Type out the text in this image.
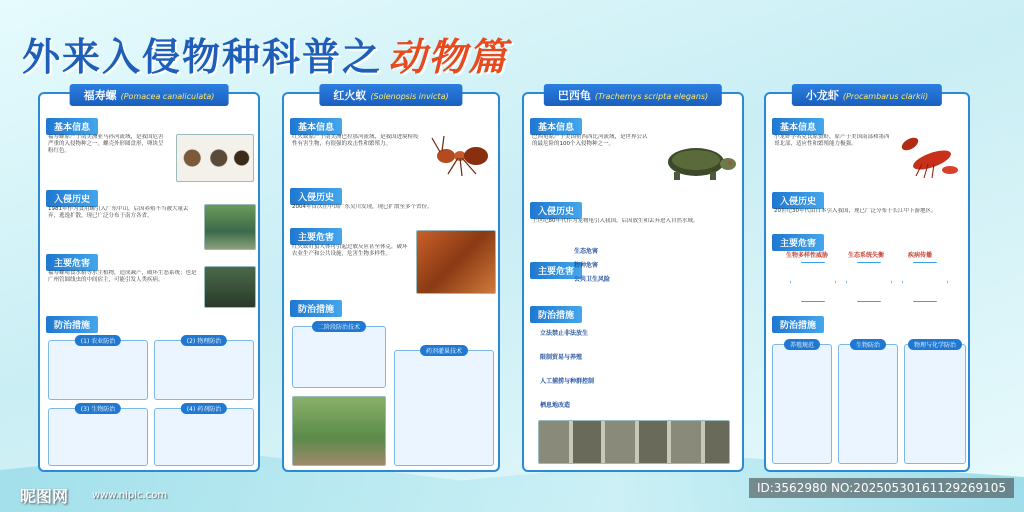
外来入侵物种科普之 动物篇
福寿螺 (Pomacea canaliculata)
基本信息
福寿螺原产于南美洲亚马孙河流域，是我国危害严重的入侵物种之一。螺壳外形圆盘形，卵块呈粉红色。
入侵历史
1981年作为食用螺引入广东中山，后因养殖不当被大量丢弃，逃逸扩散，现已广泛分布于南方各省。
主要危害
福寿螺啃食水稻等水生植物，造成减产，破坏生态系统；也是广州管圆线虫的中间宿主，可能引发人类疾病。
防治措施
(1) 农业防治	(2) 物理防治
(3) 生物防治	(4) 药剂防治
红火蚁 (Solenopsis invicta)
基本信息
红火蚁原产于南美洲巴拉那河流域，是我国进境检疫性有害生物，有很强的攻击性和繁殖力。
入侵历史
2004年首次在中国广东吴川发现，现已扩散至多个省份。
主要危害
红火蚁叮蜇人体可引起过敏反应甚至休克，破坏农业生产和公共设施，危害生物多样性。
防治措施
二阶段防治技术
药剂灌巢技术
巴西龟 (Trachemys scripta elegans)
基本信息
巴西龟原产于美国密西西比河流域，是世界公认的最危险的100个入侵物种之一。
入侵历史
上世纪80年代作为宠物龟引入我国，后因放生和丢弃进入自然水域。
主要危害
生态危害
物种危害
公共卫生风险
防治措施
立法禁止非法放生
限制贸易与养殖
人工捕捞与种群控制
栖息地改造
小龙虾 (Procambarus clarkii)
基本信息
小龙虾学名克氏原螯虾，原产于美国南部和墨西哥北部，适应性和繁殖能力极强。
入侵历史
20世纪30年代由日本引入我国，现已广泛分布于长江中下游地区。
主要危害
生物多样性威胁	生态系统失衡	疾病传播
防治措施
养殖规范	生物防治	物理与化学防治
昵图网 www.nipic.com
ID:3562980 NO:20250530161129269105
